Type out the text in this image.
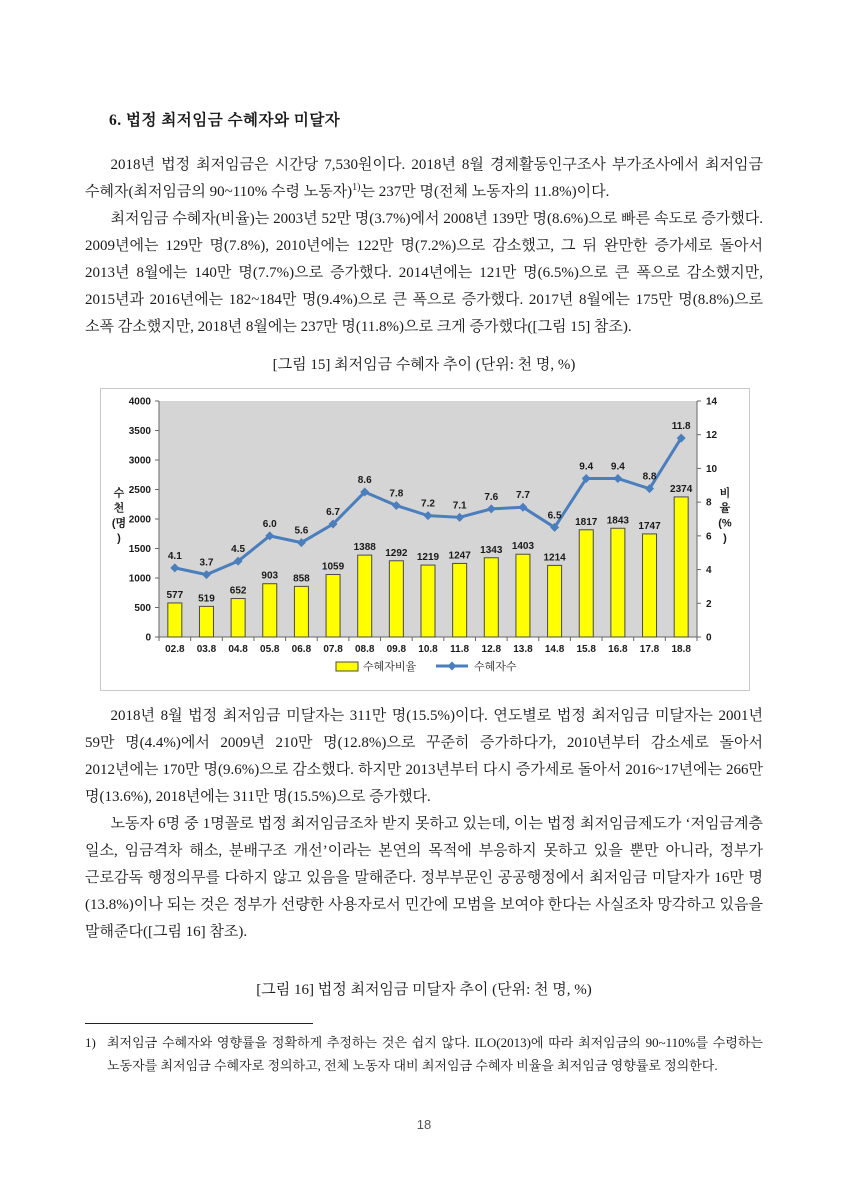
6. 법정 최저임금 수혜자와 미달자

2018년 법정 최저임금은 시간당 7,530원이다. 2018년 8월 경제활동인구조사 부가조사에서 최저임금 수혜자(최저임금의 90~110% 수령 노동자)$^{1)}$는 237만 명(전체 노동자의 11.8%)이다.

최저임금 수혜자(비율)는 2003년 52만 명(3.7%)에서 2008년 139만 명(8.6%)으로 빠른 속도로 증가했다. 2009년에는 129만 명(7.8%), 2010년에는 122만 명(7.2%)으로 감소했고, 그 뒤 완만한 증가세로 돌아서 2013년 8월에는 140만 명(7.7%)으로 증가했다. 2014년에는 121만 명(6.5%)으로 큰 폭으로 감소했지만, 2015년과 2016년에는 182~184만 명(9.4%)으로 큰 폭으로 증가했다. 2017년 8월에는 175만 명(8.8%)으로 소폭 감소했지만, 2018년 8월에는 237만 명(11.8%)으로 크게 증가했다([그림 15] 참조).

[그림 15] 최저임금 수혜자 추이 (단위: 천 명, %)
0
500
1000
1500
2000
2500
3000
3500
4000
0
2
4
6
8
10
12
14
02.8 03.8 04.8 05.8 06.8 07.8 08.8 09.8 10.8 11.8 12.8 13.8 14.8 15.8 16.8 17.8 18.8
577 519
652
903 858
1059
1388
1292 1219 1247
1343 1403
1214
1817 1843
1747
2374
4.1
3.7
4.5
6.0
5.6
6.7
8.6
7.8
7.2 7.1
7.6 7.7
6.5
9.4 9.4
8.8
11.8
수
천
(명
)
비
율
(%
)
수혜자비율	수혜자수

2018년 8월 법정 최저임금 미달자는 311만 명(15.5%)이다. 연도별로 법정 최저임금 미달자는 2001년 59만 명(4.4%)에서 2009년 210만 명(12.8%)으로 꾸준히 증가하다가, 2010년부터 감소세로 돌아서 2012년에는 170만 명(9.6%)으로 감소했다. 하지만 2013년부터 다시 증가세로 돌아서 2016~17년에는 266만 명(13.6%), 2018년에는 311만 명(15.5%)으로 증가했다.

노동자 6명 중 1명꼴로 법정 최저임금조차 받지 못하고 있는데, 이는 법정 최저임금제도가 ‘저임금계층 일소, 임금격차 해소, 분배구조 개선’이라는 본연의 목적에 부응하지 못하고 있을 뿐만 아니라, 정부가 근로감독 행정의무를 다하지 않고 있음을 말해준다. 정부부문인 공공행정에서 최저임금 미달자가 16만 명(13.8%)이나 되는 것은 정부가 선량한 사용자로서 민간에 모범을 보여야 한다는 사실조차 망각하고 있음을 말해준다([그림 16] 참조).

[그림 16] 법정 최저임금 미달자 추이 (단위: 천 명, %)
1) 최저임금 수혜자와 영향률을 정확하게 추정하는 것은 쉽지 않다. ILO(2013)에 따라 최저임금의 90~110%를 수령하는 노동자를 최저임금 수혜자로 정의하고, 전체 노동자 대비 최저임금 수혜자 비율을 최저임금 영향률로 정의한다.
18
